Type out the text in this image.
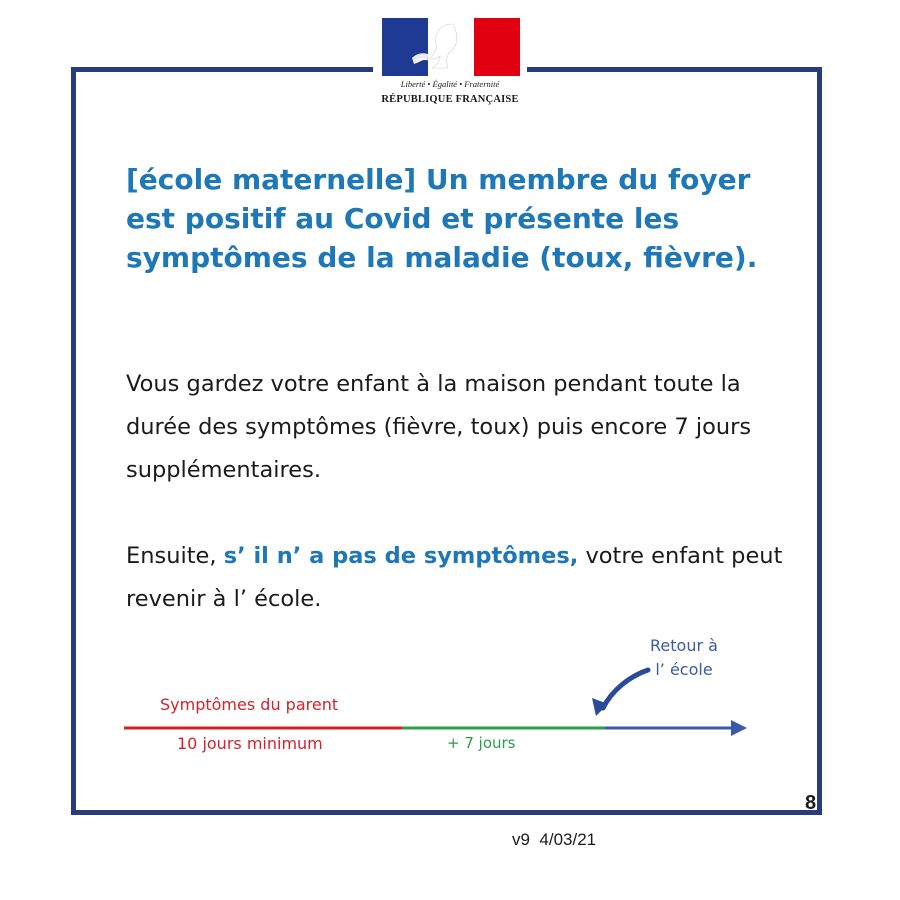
Liberté • Égalité • Fraternité
RÉPUBLIQUE FRANÇAISE
[école maternelle] Un membre du foyer est positif au Covid et présente les symptômes de la maladie (toux, fièvre).

Vous gardez votre enfant à la maison pendant toute la durée des symptômes (fièvre, toux) puis encore 7 jours supplémentaires.

Ensuite, s’ il n’ a pas de symptômes, votre enfant peut revenir à l’ école.

Symptômes du parent
10 jours minimum	+ 7 jours
Retour à
l’ école
8
v9  4/03/21
